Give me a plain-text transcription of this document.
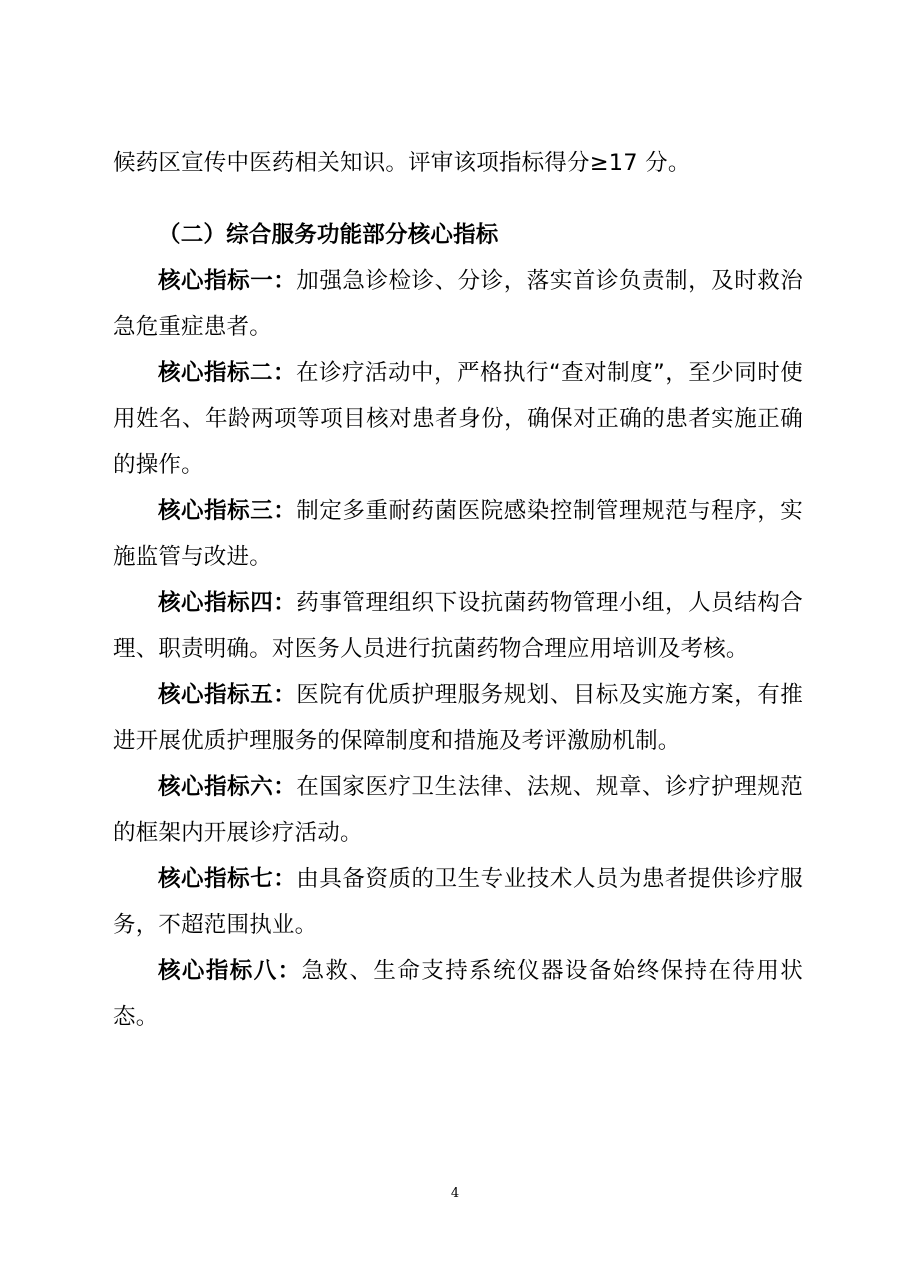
候药区宣传中医药相关知识。评审该项指标得分≥17 分。

（二）综合服务功能部分核心指标

核心指标一：加强急诊检诊、分诊，落实首诊负责制，及时救治急危重症患者。

核心指标二：在诊疗活动中，严格执行“查对制度”，至少同时使用姓名、年龄两项等项目核对患者身份，确保对正确的患者实施正确的操作。

核心指标三：制定多重耐药菌医院感染控制管理规范与程序，实施监管与改进。

核心指标四：药事管理组织下设抗菌药物管理小组，人员结构合理、职责明确。对医务人员进行抗菌药物合理应用培训及考核。

核心指标五：医院有优质护理服务规划、目标及实施方案，有推进开展优质护理服务的保障制度和措施及考评激励机制。

核心指标六：在国家医疗卫生法律、法规、规章、诊疗护理规范的框架内开展诊疗活动。

核心指标七：由具备资质的卫生专业技术人员为患者提供诊疗服务，不超范围执业。

核心指标八：急救、生命支持系统仪器设备始终保持在待用状态。

4
